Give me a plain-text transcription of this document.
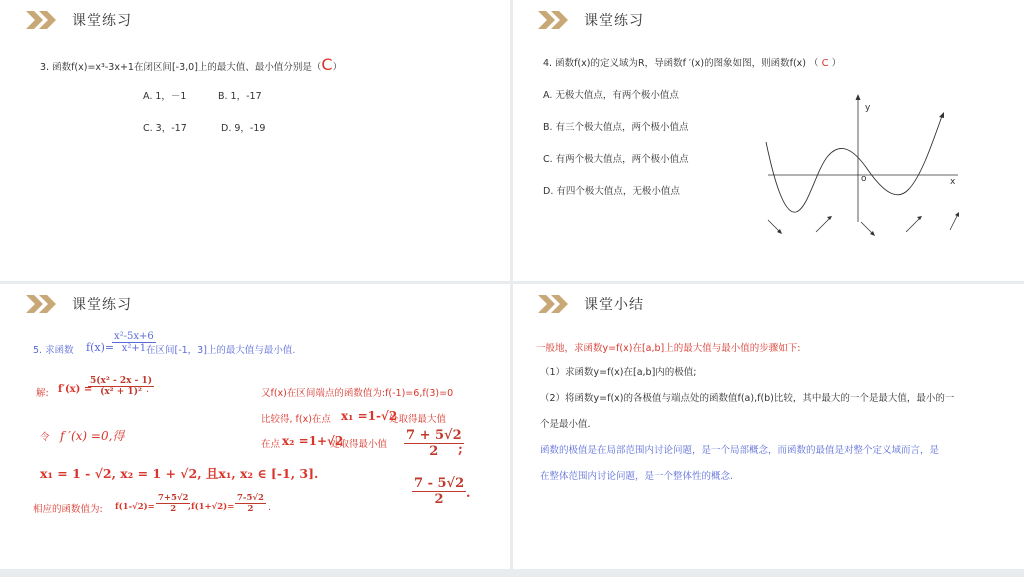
课堂练习
3. 函数f(x)=x³-3x+1在闭区间[-3,0]上的最大值、最小值分别是（C）
A. 1，－1	B. 1，-17
C. 3，-17	D. 9，-19
课堂练习
4. 函数f(x)的定义域为R，导函数f ′(x)的图象如图，则函数f(x) （ C ）
A. 无极大值点，有两个极小值点
B. 有三个极大值点，两个极小值点
C. 有两个极大值点，两个极小值点
D. 有四个极大值点，无极小值点
y
x
o
课堂练习
5. 求函数 f(x)=
$\frac{\text{x²-5x+6}}{\text{x²+1}}$
在区间[-1，3]上的最大值与最小值.
解: f′(x) =
$\frac{\text{5(x² - 2x - 1)}}{\text{(x² + 1)²}}$
.
令 f ′(x) =0,得
x₁ = 1 - √2, x₂ = 1 + √2, 且x₁, x₂ ∈ [-1, 3].
相应的函数值为: $f(1-√2)= \frac{7+5√2}{2}$
$,f(1+√2)= \frac{7-5√2}{2}$ .
又f(x)在区间端点的函数值为:f(-1)=6,f(3)=0
比较得, f(x)在点 x₁ =1-√2
处取得最大值
在点 x₂ =1+√2
处取得最小值 $\frac{7 + 5√2}{2}$
;
$\frac{7 - 5√2}{2}$ .
课堂小结
一般地，求函数y=f(x)在[a,b]上的最大值与最小值的步骤如下:
（1）求函数y=f(x)在[a,b]内的极值;
（2）将函数y=f(x)的各极值与端点处的函数值f(a),f(b)比较，其中最大的一个是最大值，最小的一
个是最小值.
函数的极值是在局部范围内讨论问题，是一个局部概念，而函数的最值是对整个定义域而言，是
在整体范围内讨论问题，是一个整体性的概念.
